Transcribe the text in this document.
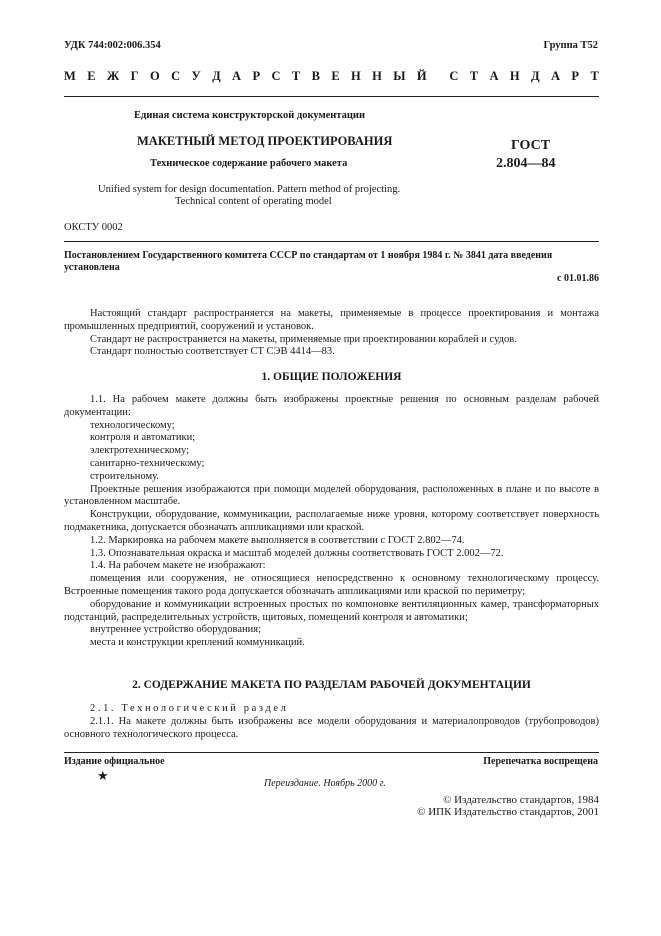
УДК 744:002:006.354	Группа Т52
М Е Ж Г О С У Д А Р С Т В Е Н Н Ы Й С Т А Н Д А Р Т
Единая система конструкторской документации
МАКЕТНЫЙ МЕТОД ПРОЕКТИРОВАНИЯ
Техническое содержание рабочего макета
ГОСТ
2.804—84
Unified system for design documentation. Pattern method of projecting.
Technical content of operating model
ОКСТУ 0002
Постановлением Государственного комитета СССР по стандартам от 1 ноября 1984 г. № 3841 дата введения установлена
с 01.01.86

Настоящий стандарт распространяется на макеты, применяемые в процессе проектирования и монтажа промышленных предприятий, сооружений и установок.

Стандарт не распространяется на макеты, применяемые при проектировании кораблей и судов.

Стандарт полностью соответствует СТ СЭВ 4414—83.

1. ОБЩИЕ ПОЛОЖЕНИЯ

1.1. На рабочем макете должны быть изображены проектные решения по основным разделам рабочей документации:

технологическому;

контроля и автоматики;

электротехническому;

санитарно-техническому;

строительному.

Проектные решения изображаются при помощи моделей оборудования, расположенных в плане и по высоте в установленном масштабе.

Конструкции, оборудование, коммуникации, располагаемые ниже уровня, которому соответствует поверхность подмакетника, допускается обозначать аппликациями или краской.

1.2. Маркировка на рабочем макете выполняется в соответствии с ГОСТ 2.802—74.

1.3. Опознавательная окраска и масштаб моделей должны соответствовать ГОСТ 2.002—72.

1.4. На рабочем макете не изображают:

помещения или сооружения, не относящиеся непосредственно к основному технологическому процессу. Встроенные помещения такого рода допускается обозначать аппликациями или краской по периметру;

оборудование и коммуникации встроенных простых по компоновке вентиляционных камер, трансформаторных подстанций, распределительных устройств, щитовых, помещений контроля и автоматики;

внутреннее устройство оборудования;

места и конструкции креплений коммуникаций.

2. СОДЕРЖАНИЕ МАКЕТА ПО РАЗДЕЛАМ РАБОЧЕЙ ДОКУМЕНТАЦИИ

2.1. Технологический раздел

2.1.1. На макете должны быть изображены все модели оборудования и материалопроводов (трубопроводов) основного технологического процесса.

Издание официальное	Перепечатка воспрещена
★
Переиздание. Ноябрь 2000 г.
© Издательство стандартов, 1984
© ИПК Издательство стандартов, 2001
